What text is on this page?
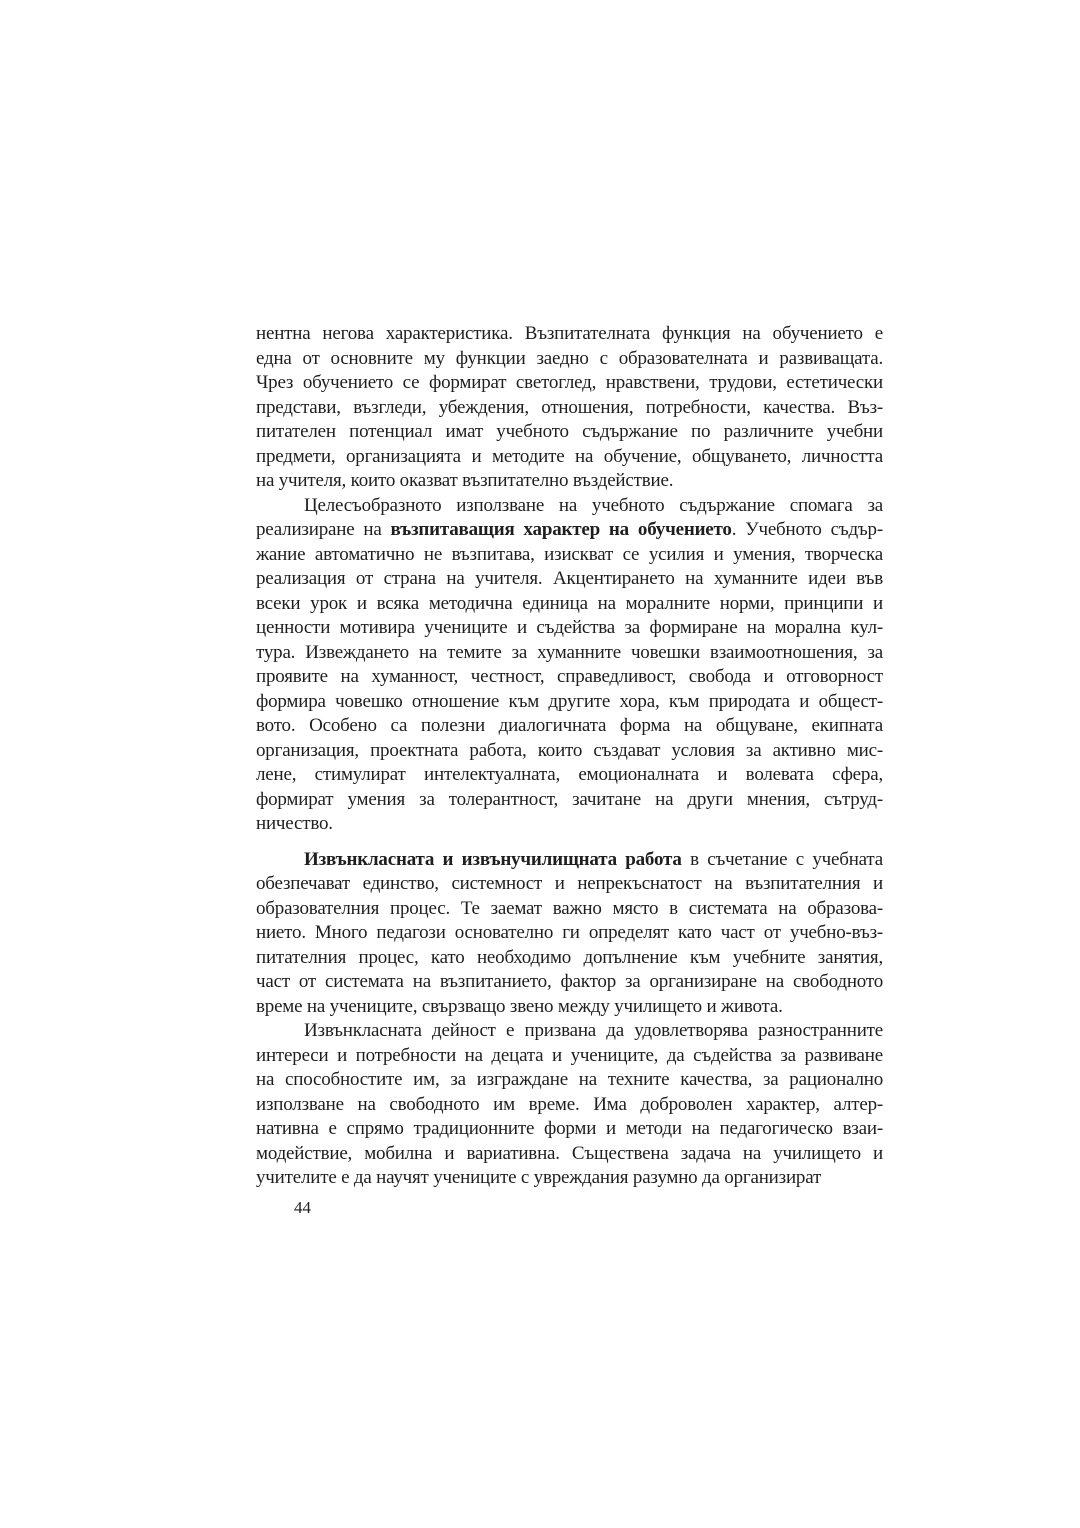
нентна негова характеристика. Възпитателната функция на обучението е
една от основните му функции заедно с образователната и развиващата.
Чрез обучението се формират светоглед, нравствени, трудови, естетически
представи, възгледи, убеждения, отношения, потребности, качества. Въз-
питателен потенциал имат учебното съдържание по различните учебни
предмети, организацията и методите на обучение, общуването, личността
на учителя, които оказват възпитателно въздействие.
Целесъобразното използване на учебното съдържание спомага за
реализиране на възпитаващия характер на обучението. Учебното съдър-
жание автоматично не възпитава, изискват се усилия и умения, творческа
реализация от страна на учителя. Акцентирането на хуманните идеи във
всеки урок и всяка методична единица на моралните норми, принципи и
ценности мотивира учениците и съдейства за формиране на морална кул-
тура. Извеждането на темите за хуманните човешки взаимоотношения, за
проявите на хуманност, честност, справедливост, свобода и отговорност
формира човешко отношение към другите хора, към природата и общест-
вото. Особено са полезни диалогичната форма на общуване, екипната
организация, проектната работа, които създават условия за активно мис-
лене, стимулират интелектуалната, емоционалната и волевата сфера,
формират умения за толерантност, зачитане на други мнения, сътруд-
ничество.
Извънкласната и извънучилищната работа в съчетание с учебната
обезпечават единство, системност и непрекъснатост на възпитателния и
образователния процес. Те заемат важно място в системата на образова-
нието. Много педагози основателно ги определят като част от учебно-въз-
питателния процес, като необходимо допълнение към учебните занятия,
част от системата на възпитанието, фактор за организиране на свободното
време на учениците, свързващо звено между училището и живота.
Извънкласната дейност е призвана да удовлетворява разностранните
интереси и потребности на децата и учениците, да съдейства за развиване
на способностите им, за изграждане на техните качества, за рационално
използване на свободното им време. Има доброволен характер, алтер-
нативна е спрямо традиционните форми и методи на педагогическо взаи-
модействие, мобилна и вариативна. Съществена задача на училището и
учителите е да научят учениците с увреждания разумно да организират
44
